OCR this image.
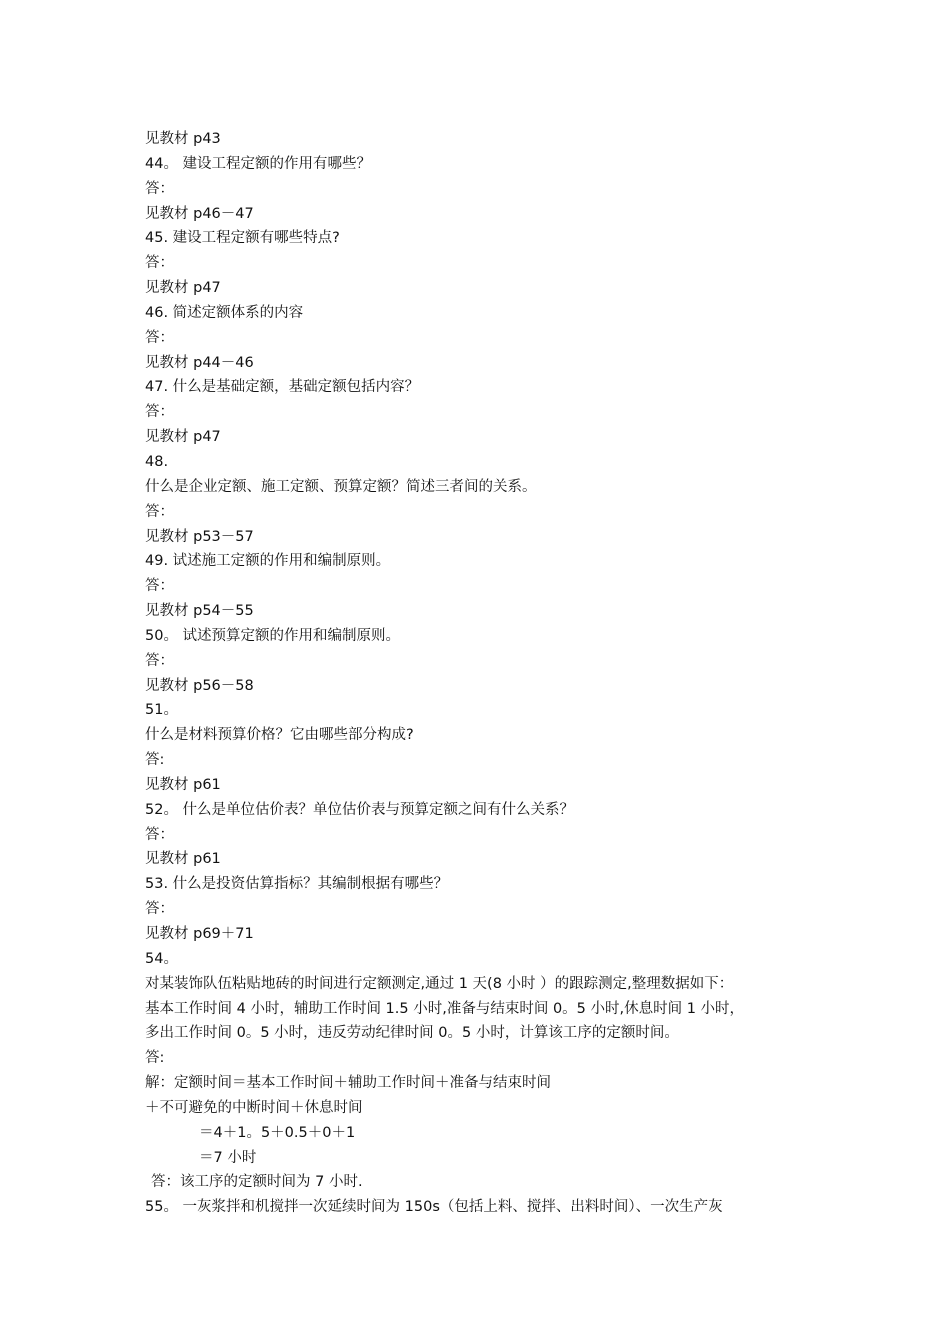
见教材 p43
44。 建设工程定额的作用有哪些？
答：
见教材 p46－47
45. 建设工程定额有哪些特点?
答：
见教材 p47
46. 简述定额体系的内容
答：
见教材 p44－46
47. 什么是基础定额，基础定额包括内容？
答：
见教材 p47
48.
什么是企业定额、施工定额、预算定额？简述三者间的关系。
答：
见教材 p53－57
49. 试述施工定额的作用和编制原则。
答：
见教材 p54－55
50。 试述预算定额的作用和编制原则。
答：
见教材 p56－58
51。
什么是材料预算价格？它由哪些部分构成?
答:
见教材 p61
52。 什么是单位估价表？单位估价表与预算定额之间有什么关系？
答：
见教材 p61
53. 什么是投资估算指标？其编制根据有哪些？
答：
见教材 p69＋71
54。
对某装饰队伍粘贴地砖的时间进行定额测定,通过 1 天(8 小时 ）的跟踪测定,整理数据如下：
基本工作时间 4 小时，辅助工作时间 1.5 小时,准备与结束时间 0。5 小时,休息时间 1 小时，
多出工作时间 0。5 小时，违反劳动纪律时间 0。5 小时，计算该工序的定额时间。
答:
解：定额时间＝基本工作时间＋辅助工作时间＋准备与结束时间
＋不可避免的中断时间＋休息时间
＝4＋1。5＋0.5＋0＋1
＝7 小时
答：该工序的定额时间为 7 小时.
55。 一灰浆拌和机搅拌一次延续时间为 150s（包括上料、搅拌、出料时间）、一次生产灰
